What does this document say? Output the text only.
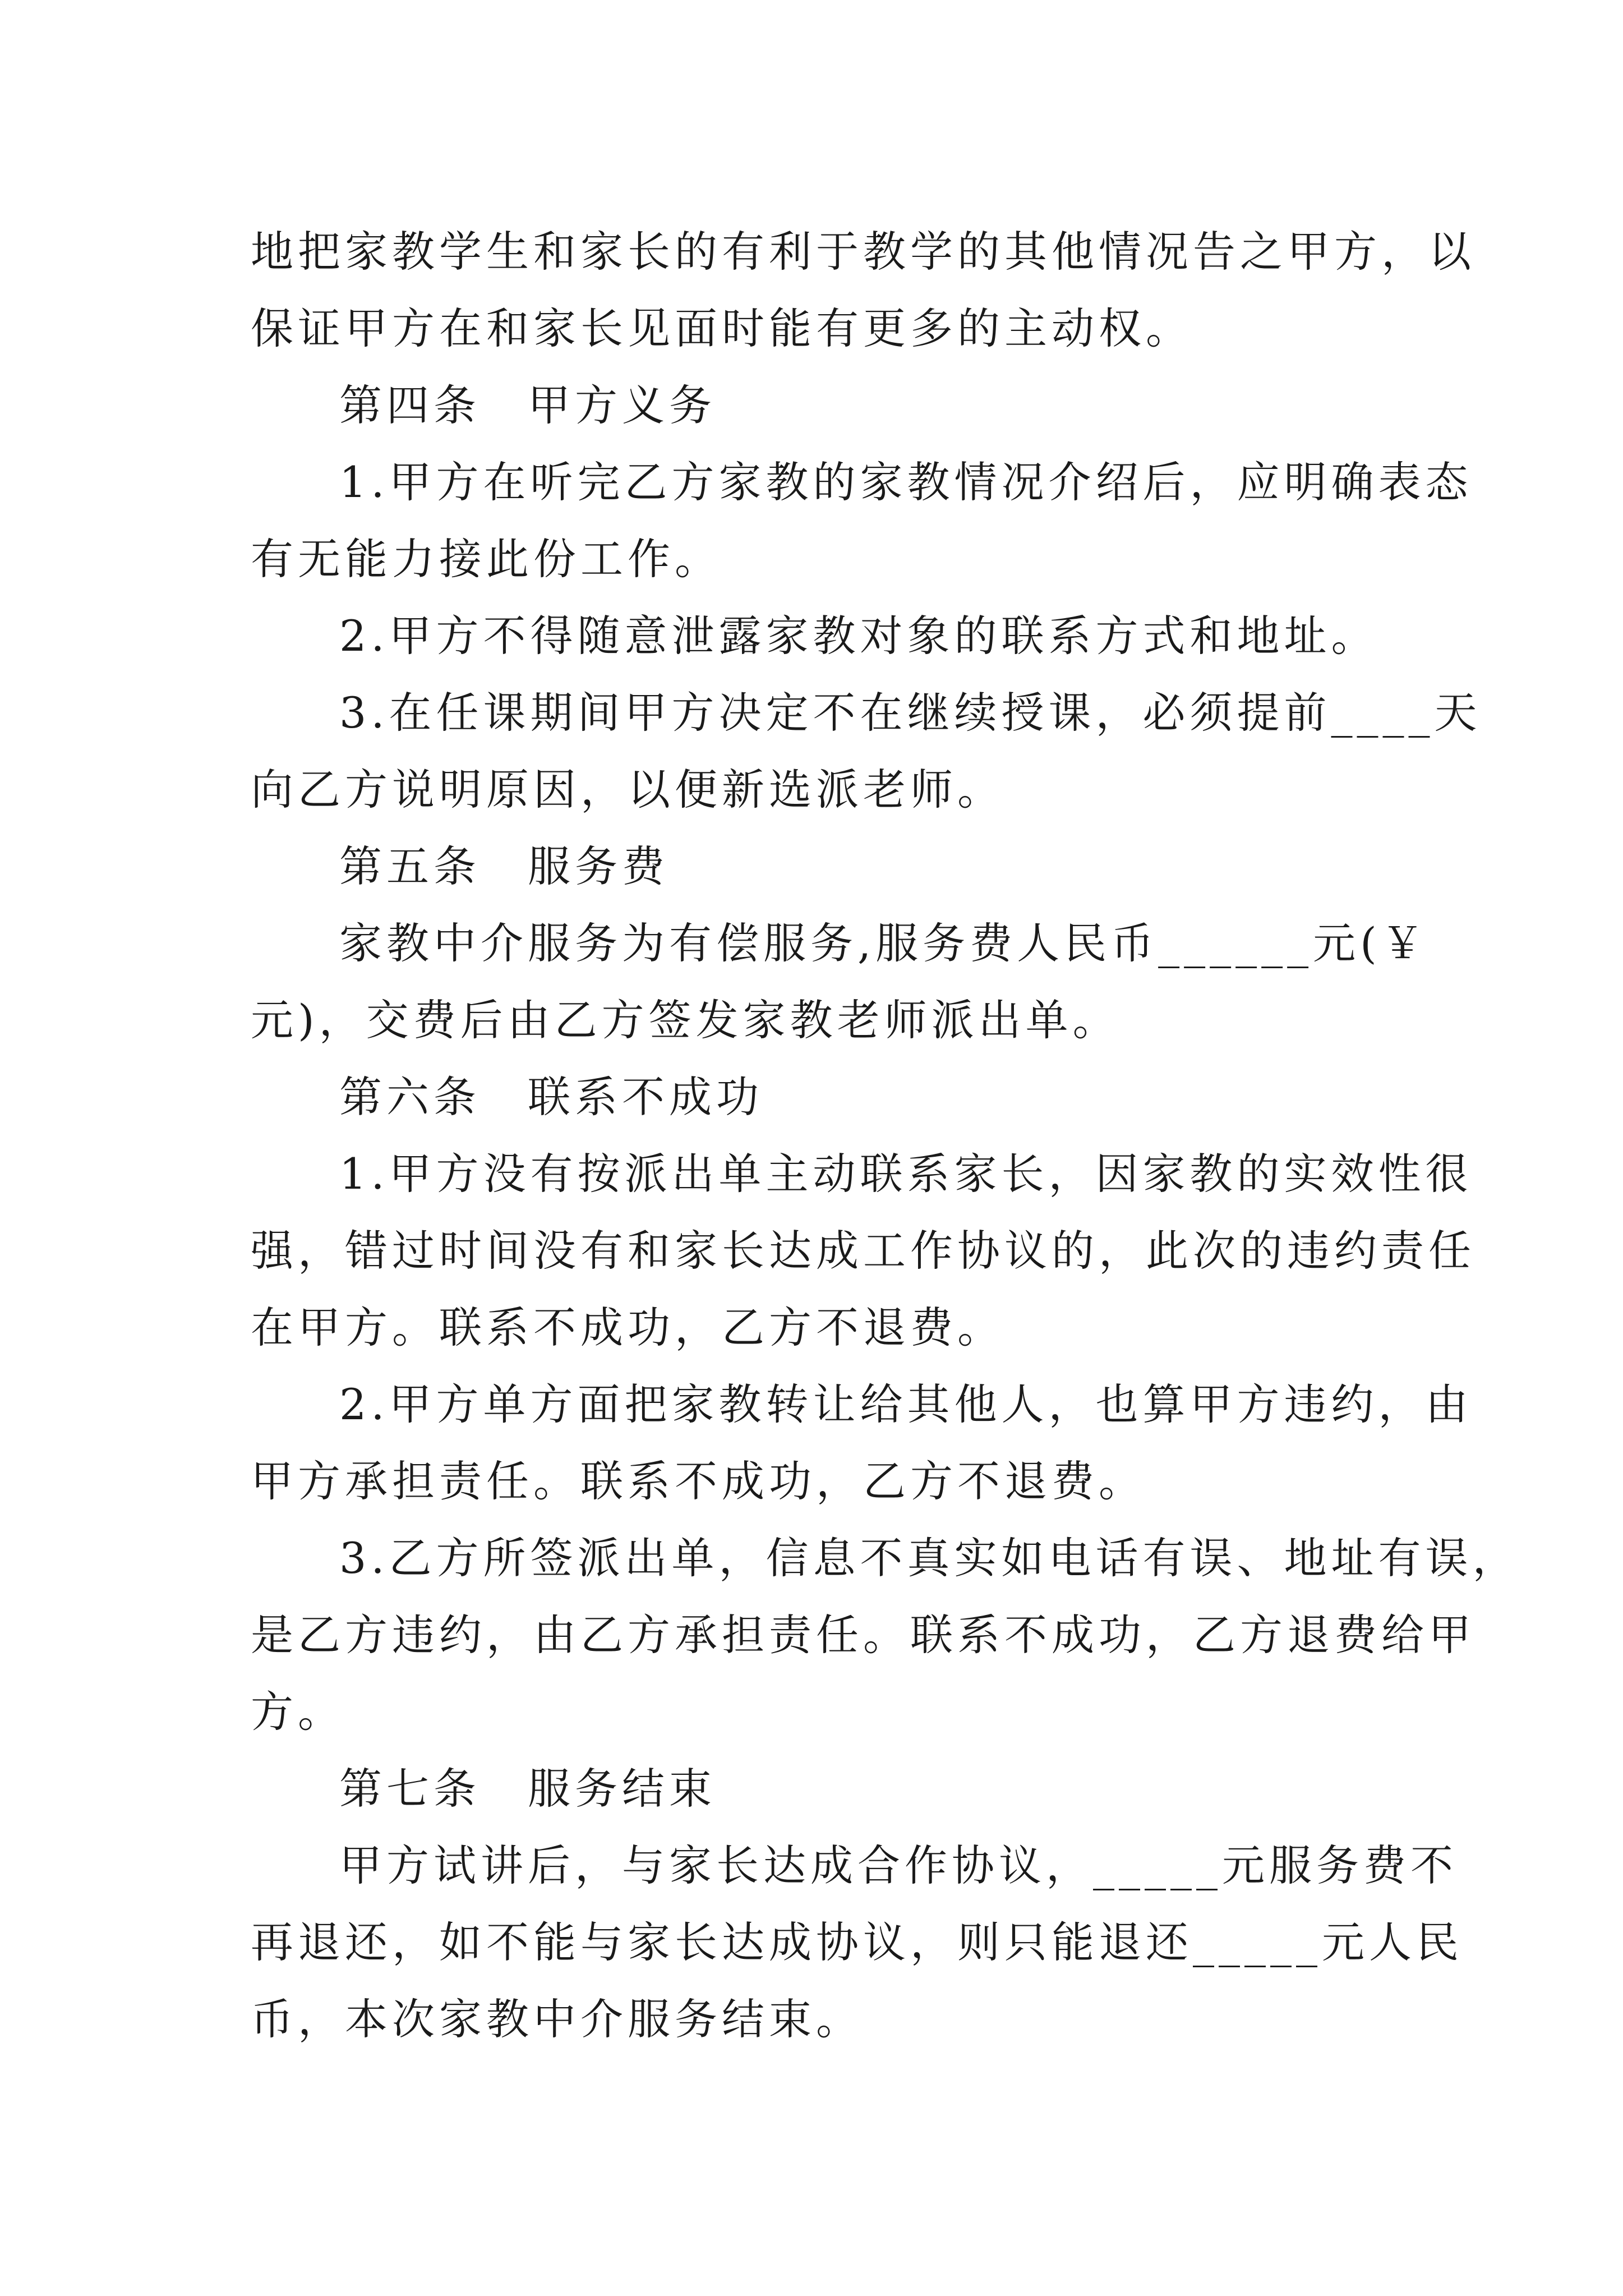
地把家教学生和家长的有利于教学的其他情况告之甲方，以
保证甲方在和家长见面时能有更多的主动权。
第四条　甲方义务
1.甲方在听完乙方家教的家教情况介绍后，应明确表态
有无能力接此份工作。
2.甲方不得随意泄露家教对象的联系方式和地址。
3.在任课期间甲方决定不在继续授课，必须提前____天
向乙方说明原因，以便新选派老师。
第五条　服务费
家教中介服务为有偿服务,服务费人民币______元(￥
元)，交费后由乙方签发家教老师派出单。
第六条　联系不成功
1.甲方没有按派出单主动联系家长，因家教的实效性很
强，错过时间没有和家长达成工作协议的，此次的违约责任
在甲方。联系不成功，乙方不退费。
2.甲方单方面把家教转让给其他人，也算甲方违约，由
甲方承担责任。联系不成功，乙方不退费。
3.乙方所签派出单，信息不真实如电话有误、地址有误，
是乙方违约，由乙方承担责任。联系不成功，乙方退费给甲
方。
第七条　服务结束
甲方试讲后，与家长达成合作协议，_____元服务费不
再退还，如不能与家长达成协议，则只能退还_____元人民
币，本次家教中介服务结束。
